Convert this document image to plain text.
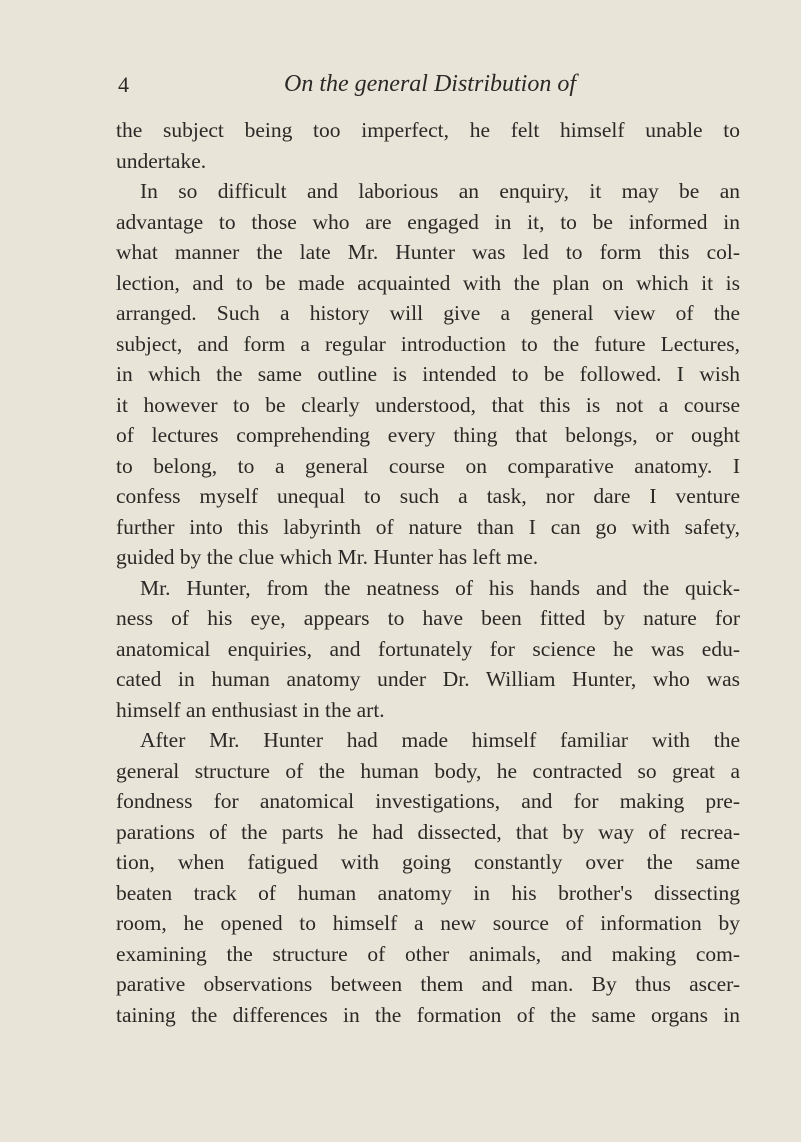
4	On the general Distribution of
the subject being too imperfect, he felt himself unable to
undertake.
In so difficult and laborious an enquiry, it may be an
advantage to those who are engaged in it, to be informed in
what manner the late Mr. Hunter was led to form this col-
lection, and to be made acquainted with the plan on which it is
arranged. Such a history will give a general view of the
subject, and form a regular introduction to the future Lectures,
in which the same outline is intended to be followed. I wish
it however to be clearly understood, that this is not a course
of lectures comprehending every thing that belongs, or ought
to belong, to a general course on comparative anatomy. I
confess myself unequal to such a task, nor dare I venture
further into this labyrinth of nature than I can go with safety,
guided by the clue which Mr. Hunter has left me.
Mr. Hunter, from the neatness of his hands and the quick-
ness of his eye, appears to have been fitted by nature for
anatomical enquiries, and fortunately for science he was edu-
cated in human anatomy under Dr. William Hunter, who was
himself an enthusiast in the art.
After Mr. Hunter had made himself familiar with the
general structure of the human body, he contracted so great a
fondness for anatomical investigations, and for making pre-
parations of the parts he had dissected, that by way of recrea-
tion, when fatigued with going constantly over the same
beaten track of human anatomy in his brother's dissecting
room, he opened to himself a new source of information by
examining the structure of other animals, and making com-
parative observations between them and man. By thus ascer-
taining the differences in the formation of the same organs in
